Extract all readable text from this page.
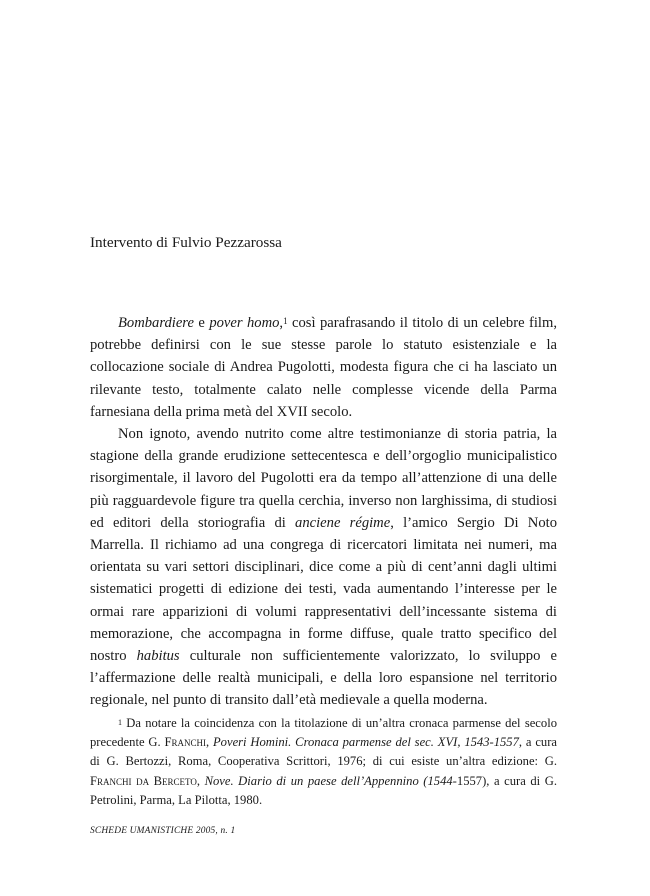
Intervento di Fulvio Pezzarossa

Bombardiere e pover homo,$^1$ così parafrasando il titolo di un celebre film, potrebbe definirsi con le sue stesse parole lo statuto esistenziale e la collocazione sociale di Andrea Pugolotti, modesta figura che ci ha lasciato un rilevante testo, totalmente calato nelle complesse vicende della Parma farnesiana della prima metà del XVII secolo.

Non ignoto, avendo nutrito come altre testimonianze di storia patria, la stagione della grande erudizione settecentesca e dell’orgoglio municipalistico risorgimentale, il lavoro del Pugolotti era da tempo all’attenzione di una delle più ragguardevole figure tra quella cerchia, inverso non larghissima, di studiosi ed editori della storiografia di anciene régime, l’amico Sergio Di Noto Marrella. Il richiamo ad una congrega di ricercatori limitata nei numeri, ma orientata su vari settori disciplinari, dice come a più di cent’anni dagli ultimi sistematici progetti di edizione dei testi, vada aumentando l’interesse per le ormai rare apparizioni di volumi rappresentativi dell’incessante sistema di memorazione, che accompagna in forme diffuse, quale tratto specifico del nostro habitus culturale non sufficientemente valorizzato, lo sviluppo e l’affermazione delle realtà municipali, e della loro espansione nel territorio regionale, nel punto di transito dall’età medievale a quella moderna.

$^1$ Da notare la coincidenza con la titolazione di un’altra cronaca parmense del secolo precedente G. Franchi, Poveri Homini. Cronaca parmense del sec. XVI, 1543-1557, a cura di G. Bertozzi, Roma, Cooperativa Scrittori, 1976; di cui esiste un’altra edizione: G. Franchi da Berceto, Nove. Diario di un paese dell’Appennino (1544-1557), a cura di G. Petrolini, Parma, La Pilotta, 1980.

SCHEDE UMANISTICHE 2005, n. 1
